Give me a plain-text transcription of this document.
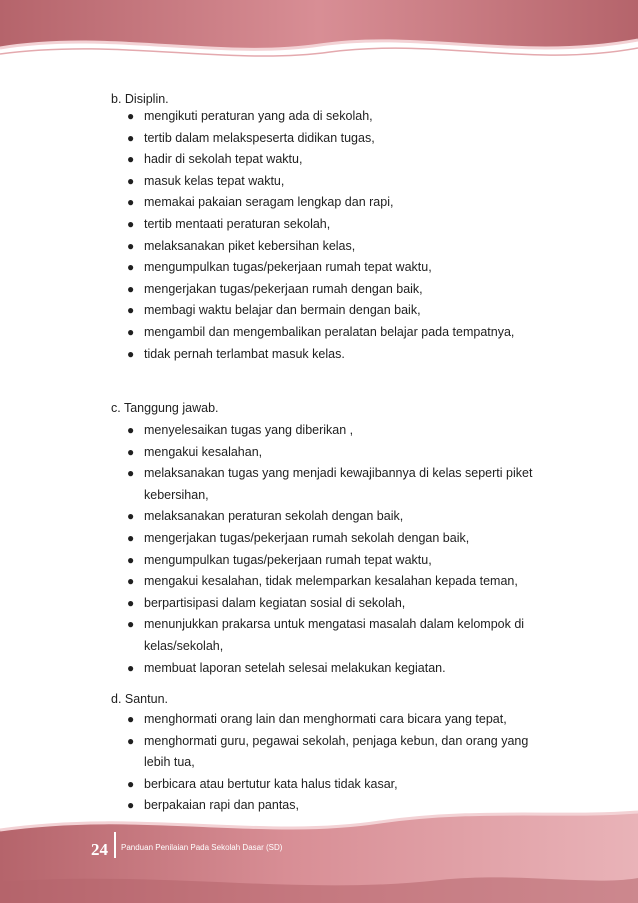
b. Disiplin.

● mengikuti peraturan yang ada di sekolah,
● tertib dalam melakspeserta didikan tugas,
● hadir di sekolah tepat waktu,
● masuk kelas tepat waktu,
● memakai pakaian seragam lengkap dan rapi,
● tertib mentaati peraturan sekolah,
● melaksanakan piket kebersihan kelas,
● mengumpulkan tugas/pekerjaan rumah tepat waktu,
● mengerjakan tugas/pekerjaan rumah dengan baik,
● membagi waktu belajar dan bermain dengan baik,
● mengambil dan mengembalikan peralatan belajar pada tempatnya,
● tidak pernah terlambat masuk kelas.

c. Tanggung jawab.

● menyelesaikan tugas yang diberikan ,
● mengakui kesalahan,
● melaksanakan tugas yang menjadi kewajibannya di kelas seperti piket kebersihan,
● melaksanakan peraturan sekolah dengan baik,
● mengerjakan tugas/pekerjaan rumah sekolah dengan baik,
● mengumpulkan tugas/pekerjaan rumah tepat waktu,
● mengakui kesalahan, tidak melemparkan kesalahan kepada teman,
● berpartisipasi dalam kegiatan sosial di sekolah,
● menunjukkan prakarsa untuk mengatasi masalah dalam kelompok di kelas/sekolah,
● membuat laporan setelah selesai melakukan kegiatan.

d. Santun.

● menghormati orang lain dan menghormati cara bicara yang tepat,
● menghormati guru, pegawai sekolah, penjaga kebun, dan orang yang lebih tua,
● berbicara atau bertutur kata halus tidak kasar,
● berpakaian rapi dan pantas,
24 Panduan Penilaian Pada Sekolah Dasar (SD)
